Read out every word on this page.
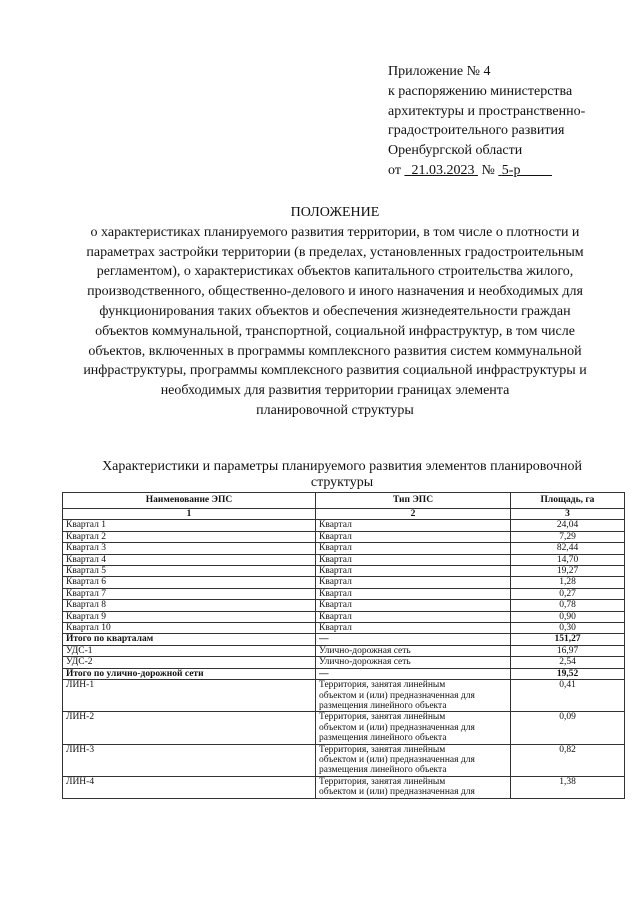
Приложение № 4
к распоряжению министерства
архитектуры и пространственно-
градостроительного развития
Оренбургской области
от   21.03.2023  №  5-р
ПОЛОЖЕНИЕ
о характеристиках планируемого развития территории, в том числе о плотности и
параметрах застройки территории (в пределах, установленных градостроительным
регламентом), о характеристиках объектов капитального строительства жилого,
производственного, общественно-делового и иного назначения и необходимых для
функционирования таких объектов и обеспечения жизнедеятельности граждан
объектов коммунальной, транспортной, социальной инфраструктур, в том числе
объектов, включенных в программы комплексного развития систем коммунальной
инфраструктуры, программы комплексного развития социальной инфраструктуры и
необходимых для развития территории границах элемента
планировочной структуры
Характеристики и параметры планируемого развития элементов планировочной
структуры
Наименование ЭПС	Тип ЭПС	Площадь, га
1	2	3
Квартал 1	Квартал	24,04
Квартал 2	Квартал	7,29
Квартал 3	Квартал	82,44
Квартал 4	Квартал	14,70
Квартал 5	Квартал	19,27
Квартал 6	Квартал	1,28
Квартал 7	Квартал	0,27
Квартал 8	Квартал	0,78
Квартал 9	Квартал	0,90
Квартал 10	Квартал	0,30
Итого по кварталам	—	151,27
УДС-1	Улично-дорожная сеть	16,97
УДС-2	Улично-дорожная сеть	2,54
Итого по улично-дорожной сети	—	19,52
ЛИН-1	Территория, занятая линейным
объектом и (или) предназначенная для
размещения линейного объекта	0,41
ЛИН-2	Территория, занятая линейным
объектом и (или) предназначенная для
размещения линейного объекта	0,09
ЛИН-3	Территория, занятая линейным
объектом и (или) предназначенная для
размещения линейного объекта	0,82
ЛИН-4	Территория, занятая линейным
объектом и (или) предназначенная для	1,38
